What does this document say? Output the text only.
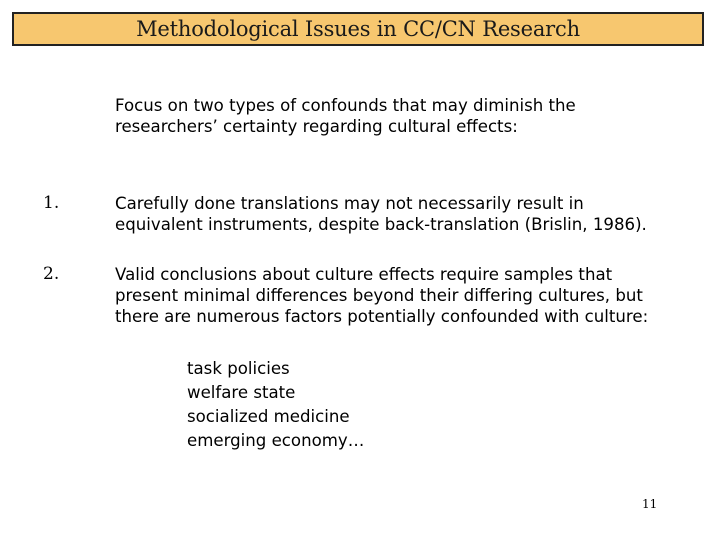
Methodological Issues in CC/CN Research
Focus on two types of confounds that may diminish the
researchers’ certainty regarding cultural effects:
1.	Carefully done translations may not necessarily result in
equivalent instruments, despite back-translation (Brislin, 1986).
2.	Valid conclusions about culture effects require samples that
present minimal differences beyond their differing cultures, but
there are numerous factors potentially confounded with culture:
task policies
welfare state
socialized medicine
emerging economy…
11
